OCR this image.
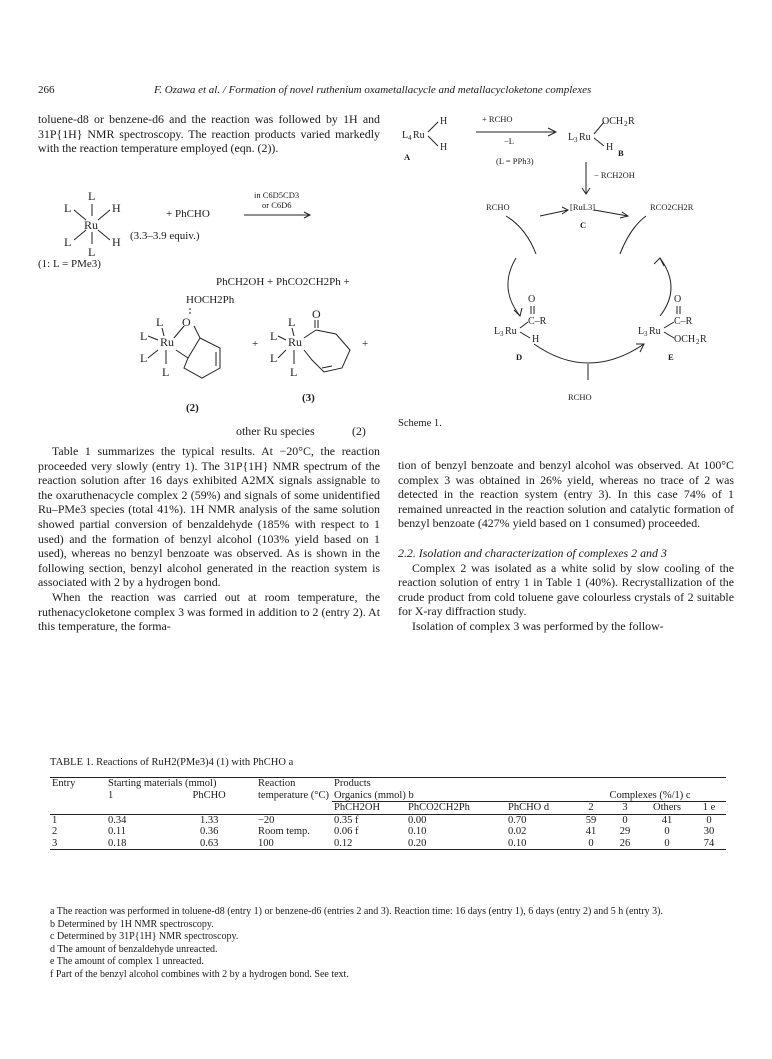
266	F. Ozawa et al. / Formation of novel ruthenium oxametallacycle and metallacycloketone complexes

toluene-d8 or benzene-d6 and the reaction was followed by 1H and 31P{1H} NMR spectroscopy. The reaction products varied markedly with the reaction temperature employed (eqn. (2)).

L
Ru
L
L
L
H
H
+ PhCHO
in C6D5CD3
or C6D6
(3.3–3.9 equiv.)
(1: L = PMe3)
PhCH2OH + PhCO2CH2Ph +
HOCH2Ph
L O
L Ru
L
L
+
O
L
L Ru
L
L
+
(2)
(3)
other Ru species	(2)

Table 1 summarizes the typical results. At −20°C, the reaction proceeded very slowly (entry 1). The 31P{1H} NMR spectrum of the reaction solution after 16 days exhibited A2MX signals assignable to the oxaruthenacycle complex 2 (59%) and signals of some unidentified Ru–PMe3 species (total 41%). 1H NMR analysis of the same solution showed partial conversion of benzaldehyde (185% with respect to 1 used) and the formation of benzyl alcohol (103% yield based on 1 used), whereas no benzyl benzoate was observed. As is shown in the following section, benzyl alcohol generated in the reaction system is associated with 2 by a hydrogen bond.

When the reaction was carried out at room temperature, the ruthenacycloketone complex 3 was formed in addition to 2 (entry 2). At this temperature, the forma-

L 4 Ru
H
H
L 3 Ru
OCH 2 R
H
O
C–R
L 3 Ru
H
O
C–R
L 3 Ru
OCH 2 R
+ RCHO
−L
(L = PPh3)
− RCH2OH
RCHO	[RuL3]	RCO2CH2R
RCHO
A	B
C
D	E
Scheme 1.

tion of benzyl benzoate and benzyl alcohol was observed. At 100°C complex 3 was obtained in 26% yield, whereas no trace of 2 was detected in the reaction system (entry 3). In this case 74% of 1 remained unreacted in the reaction solution and catalytic formation of benzyl benzoate (427% yield based on 1 consumed) proceeded.

2.2. Isolation and characterization of complexes 2 and 3

Complex 2 was isolated as a white solid by slow cooling of the reaction solution of entry 1 in Table 1 (40%). Recrystallization of the crude product from cold toluene gave colourless crystals of 2 suitable for X-ray diffraction study.

Isolation of complex 3 was performed by the follow-

TABLE 1. Reactions of RuH2(PMe3)4 (1) with PhCHO a
Entry	Starting materials (mmol)		Reaction temperature (°C)	Products						
	1	PhCHO		Organics (mmol) b			Complexes (%/1) c			
				PhCH2OH	PhCO2CH2Ph	PhCHO d	2	3	Others	1 e
1	0.34	1.33	−20	0.35 f	0.00	0.70	59	0	41	0
2	0.11	0.36	Room temp.	0.06 f	0.10	0.02	41	29	0	30
3	0.18	0.63	100	0.12	0.20	0.10	0	26	0	74
a The reaction was performed in toluene-d8 (entry 1) or benzene-d6 (entries 2 and 3). Reaction time: 16 days (entry 1), 6 days (entry 2) and 5 h (entry 3).
b Determined by 1H NMR spectroscopy.
c Determined by 31P{1H} NMR spectroscopy.
d The amount of benzaldehyde unreacted.
e The amount of complex 1 unreacted.
f Part of the benzyl alcohol combines with 2 by a hydrogen bond. See text.
